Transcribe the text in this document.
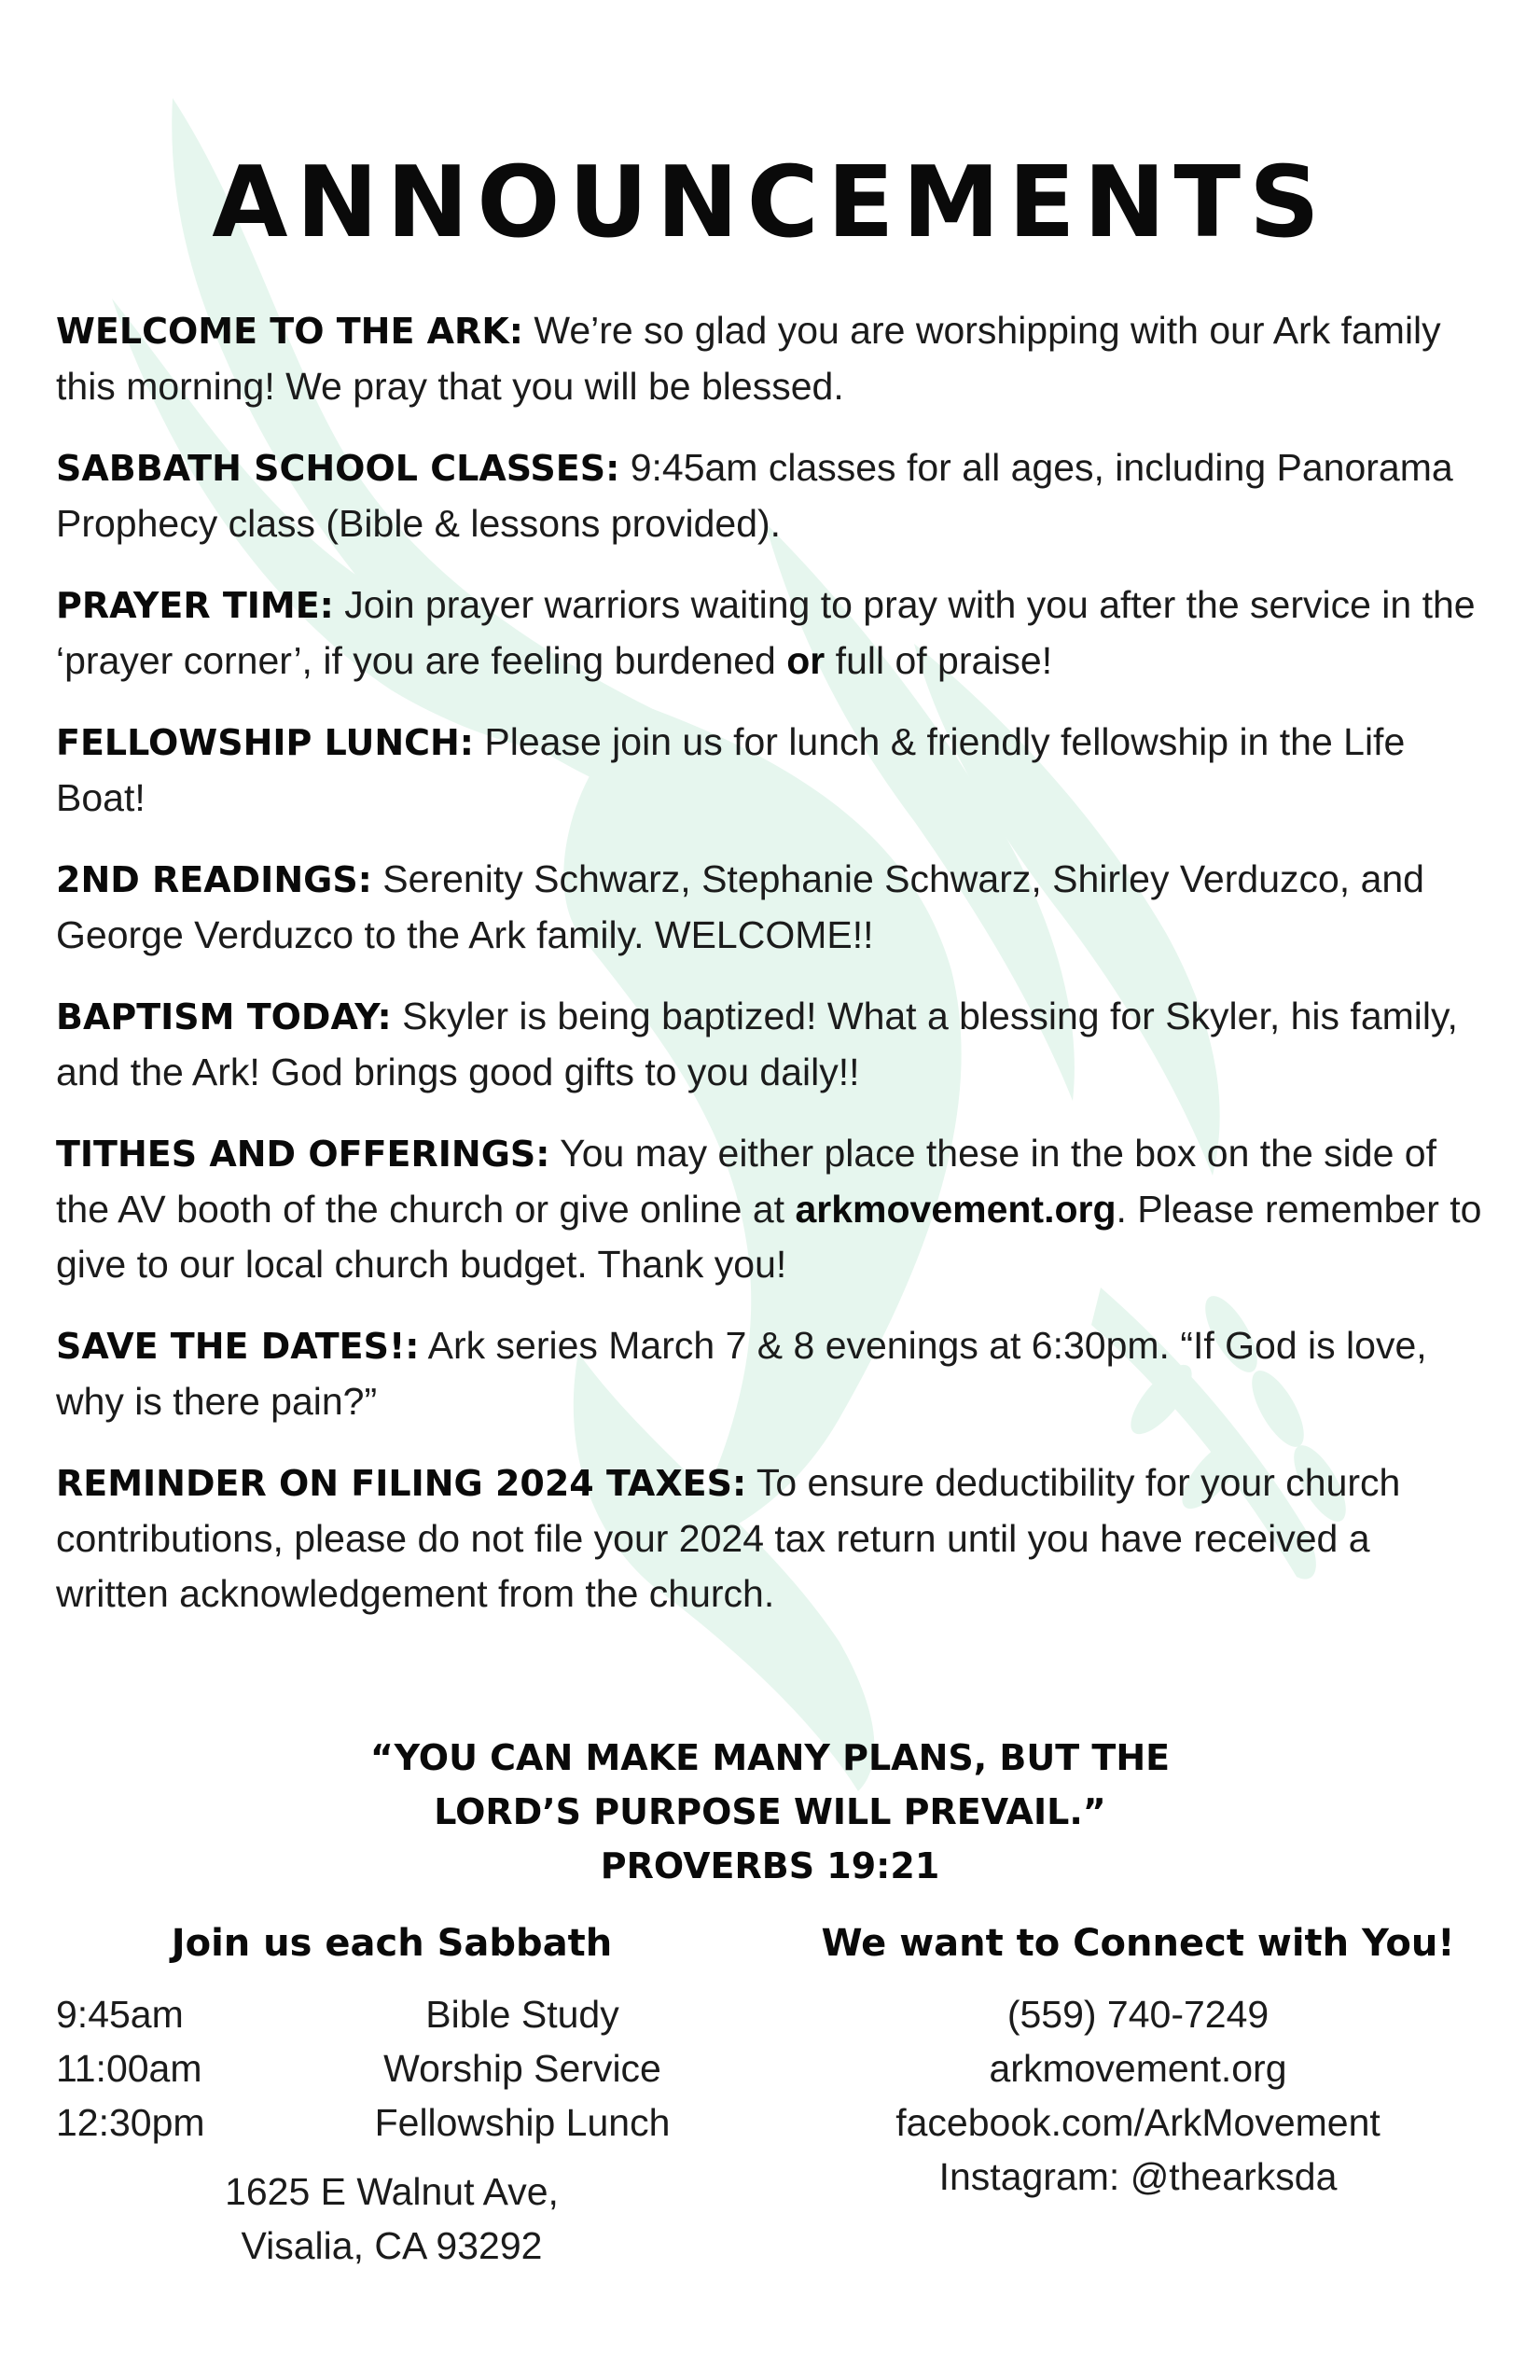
ANNOUNCEMENTS

WELCOME TO THE ARK: We’re so glad you are worshipping with our Ark family this morning! We pray that you will be blessed.

SABBATH SCHOOL CLASSES: 9:45am classes for all ages, including Panorama Prophecy class (Bible & lessons provided).

PRAYER TIME: Join prayer warriors waiting to pray with you after the service in the ‘prayer corner’, if you are feeling burdened or full of praise!

FELLOWSHIP LUNCH: Please join us for lunch & friendly fellowship in the Life Boat!

2ND READINGS: Serenity Schwarz, Stephanie Schwarz, Shirley Verduzco, and George Verduzco to the Ark family. WELCOME!!

BAPTISM TODAY: Skyler is being baptized! What a blessing for Skyler, his family, and the Ark! God brings good gifts to you daily!!

TITHES AND OFFERINGS: You may either place these in the box on the side of the AV booth of the church or give online at arkmovement.org. Please remember to give to our local church budget. Thank you!

SAVE THE DATES!: Ark series March 7 & 8 evenings at 6:30pm. “If God is love, why is there pain?”

REMINDER ON FILING 2024 TAXES: To ensure deductibility for your church contributions, please do not file your 2024 tax return until you have received a written acknowledgement from the church.

“YOU CAN MAKE MANY PLANS, BUT THE
LORD’S PURPOSE WILL PREVAIL.”
PROVERBS 19:21
Join us each Sabbath	We want to Connect with You!
9:45am	Bible Study
11:00am	Worship Service
12:30pm	Fellowship Lunch
1625 E Walnut Ave,
Visalia, CA 93292
(559) 740-7249
arkmovement.org
facebook.com/ArkMovement
Instagram: @thearksda
